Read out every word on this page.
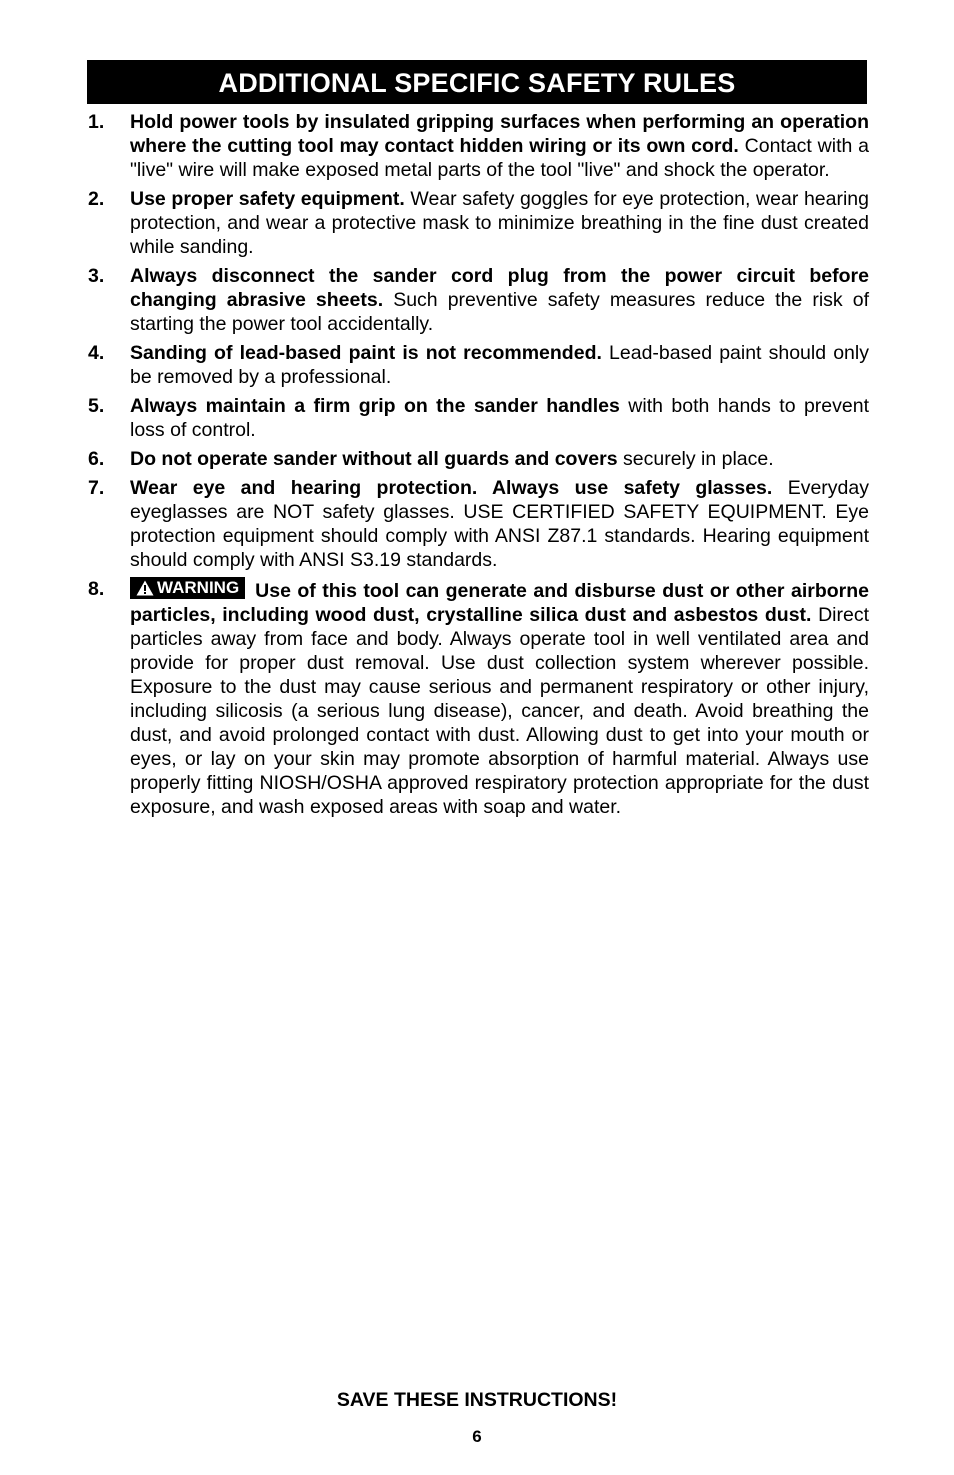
ADDITIONAL SPECIFIC SAFETY RULES
1. Hold power tools by insulated gripping surfaces when performing an operation where the cutting tool may contact hidden wiring or its own cord. Contact with a "live" wire will make exposed metal parts of the tool "live" and shock the operator.
2. Use proper safety equipment. Wear safety goggles for eye protection, wear hearing protection, and wear a protective mask to minimize breathing in the fine dust created while sanding.
3. Always disconnect the sander cord plug from the power circuit before changing abrasive sheets. Such preventive safety measures reduce the risk of starting the power tool accidentally.
4. Sanding of lead-based paint is not recommended. Lead-based paint should only be removed by a professional.
5. Always maintain a firm grip on the sander handles with both hands to prevent loss of control.
6. Do not operate sander without all guards and covers securely in place.
7. Wear eye and hearing protection. Always use safety glasses. Everyday eyeglasses are NOT safety glasses. USE CERTIFIED SAFETY EQUIPMENT. Eye protection equipment should comply with ANSI Z87.1 standards. Hearing equipment should comply with ANSI S3.19 standards.
8.	WARNING Use of this tool can generate and disburse dust or other airborne particles, including wood dust, crystalline silica dust and asbestos dust. Direct particles away from face and body. Always operate tool in well ventilated area and provide for proper dust removal. Use dust collection system wherever possible. Exposure to the dust may cause serious and permanent respiratory or other injury, including silicosis (a serious lung disease), cancer, and death. Avoid breathing the dust, and avoid prolonged contact with dust. Allowing dust to get into your mouth or eyes, or lay on your skin may promote absorption of harmful material. Always use properly fitting NIOSH/OSHA approved respiratory protection appropriate for the dust exposure, and wash exposed areas with soap and water.
SAVE THESE INSTRUCTIONS!
6
